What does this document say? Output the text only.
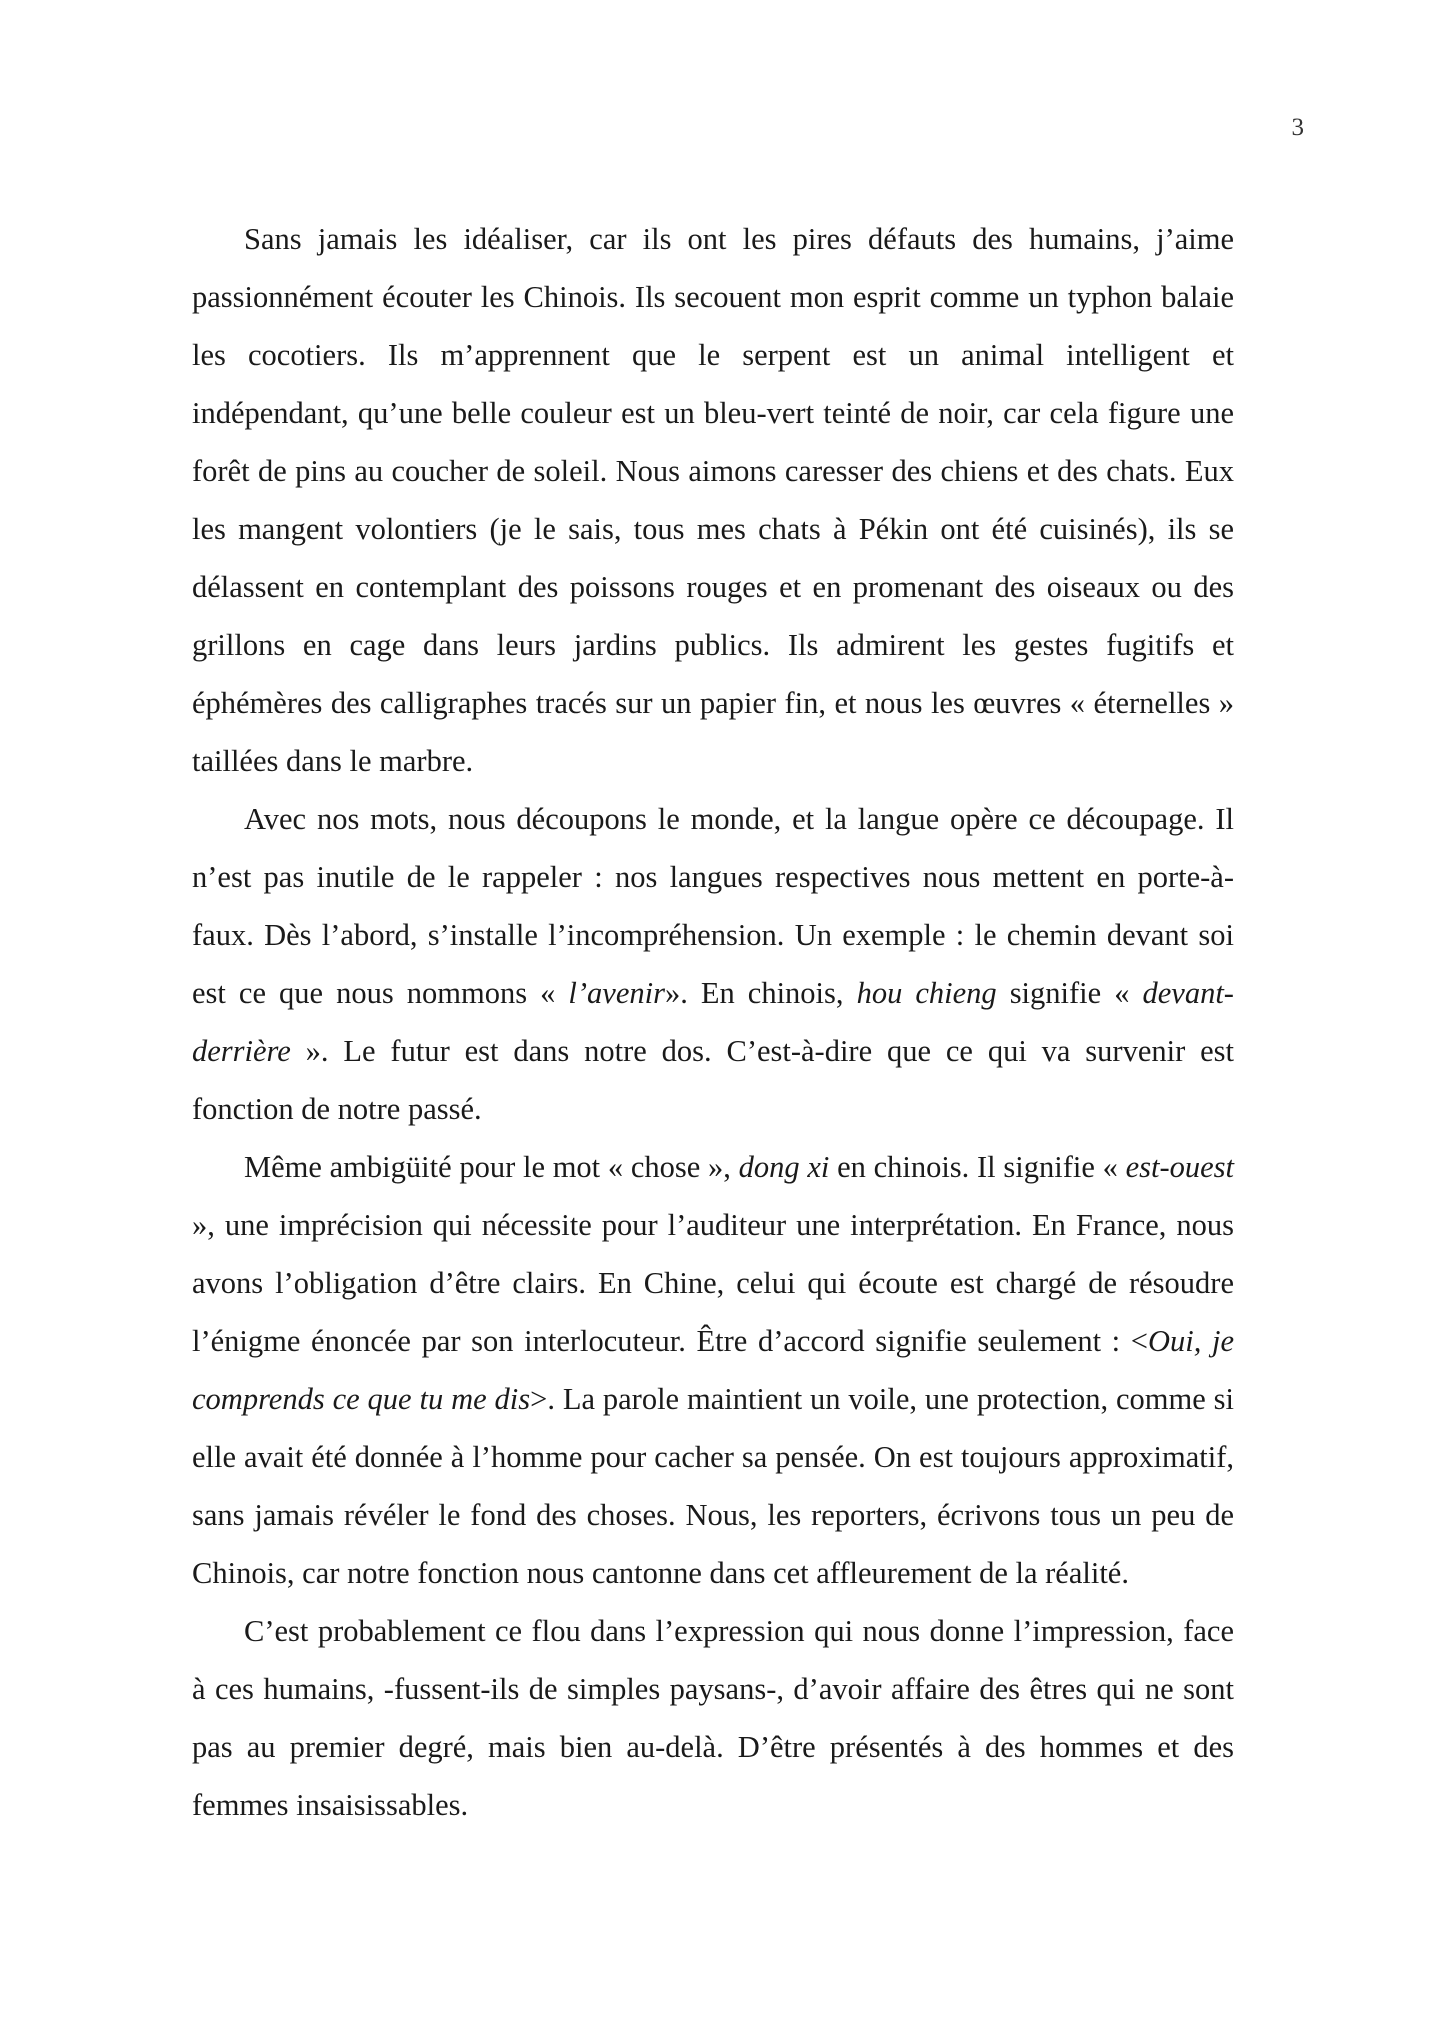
3

Sans jamais les idéaliser, car ils ont les pires défauts des humains, j’aime passionnément écouter les Chinois. Ils secouent mon esprit comme un typhon balaie les cocotiers. Ils m’apprennent que le serpent est un animal intelligent et indépendant, qu’une belle couleur est un bleu-vert teinté de noir, car cela figure une forêt de pins au coucher de soleil. Nous aimons caresser des chiens et des chats. Eux les mangent volontiers (je le sais, tous mes chats à Pékin ont été cuisinés), ils se délassent en contemplant des poissons rouges et en promenant des oiseaux ou des grillons en cage dans leurs jardins publics. Ils admirent les gestes fugitifs et éphémères des calligraphes tracés sur un papier fin, et nous les œuvres « éternelles » taillées dans le marbre.

Avec nos mots, nous découpons le monde, et la langue opère ce découpage. Il n’est pas inutile de le rappeler : nos langues respectives nous mettent en porte-à-faux. Dès l’abord, s’installe l’incompréhension. Un exemple : le chemin devant soi est ce que nous nommons « l’avenir». En chinois, hou chieng signifie « devant-derrière ». Le futur est dans notre dos. C’est-à-dire que ce qui va survenir est fonction de notre passé.

Même ambigüité pour le mot « chose », dong xi en chinois. Il signifie « est-ouest », une imprécision qui nécessite pour l’auditeur une interprétation. En France, nous avons l’obligation d’être clairs. En Chine, celui qui écoute est chargé de résoudre l’énigme énoncée par son interlocuteur. Être d’accord signifie seulement : <Oui, je comprends ce que tu me dis>. La parole maintient un voile, une protection, comme si elle avait été donnée à l’homme pour cacher sa pensée. On est toujours approximatif, sans jamais révéler le fond des choses. Nous, les reporters, écrivons tous un peu de Chinois, car notre fonction nous cantonne dans cet affleurement de la réalité.

C’est probablement ce flou dans l’expression qui nous donne l’impression, face à ces humains, -fussent-ils de simples paysans-, d’avoir affaire des êtres qui ne sont pas au premier degré, mais bien au-delà. D’être présentés à des hommes et des femmes insaisissables.
